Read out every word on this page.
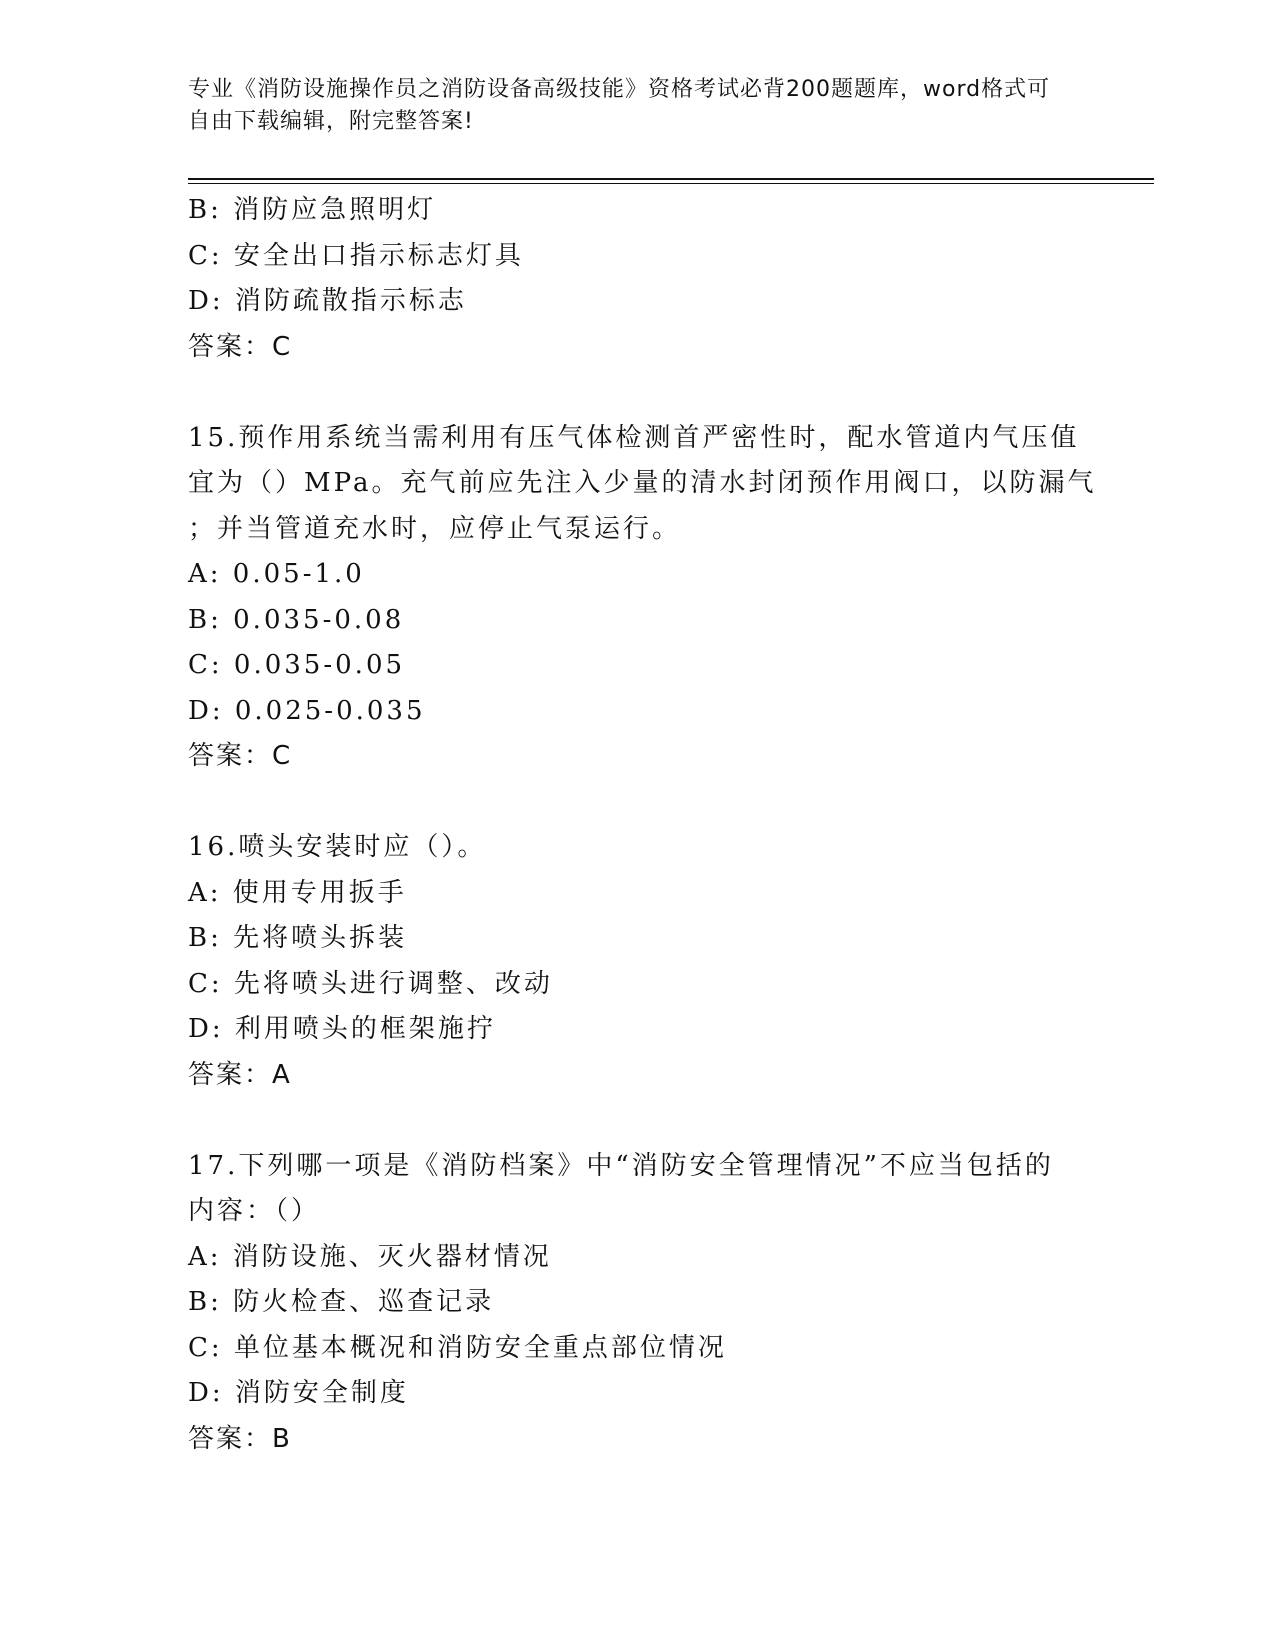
专业《消防设施操作员之消防设备高级技能》资格考试必背200题题库，word格式可自由下载编辑，附完整答案!
B: 消防应急照明灯
C: 安全出口指示标志灯具
D: 消防疏散指示标志
答案：C
15.预作用系统当需利用有压气体检测首严密性时，配水管道内气压值
宜为（）MPa。充气前应先注入少量的清水封闭预作用阀口，以防漏气
；并当管道充水时，应停止气泵运行。
A: 0.05-1.0
B: 0.035-0.08
C: 0.035-0.05
D: 0.025-0.035
答案：C
16.喷头安装时应（）。
A: 使用专用扳手
B: 先将喷头拆装
C: 先将喷头进行调整、改动
D: 利用喷头的框架施拧
答案：A
17.下列哪一项是《消防档案》中“消防安全管理情况”不应当包括的
内容：（）
A: 消防设施、灭火器材情况
B: 防火检查、巡查记录
C: 单位基本概况和消防安全重点部位情况
D: 消防安全制度
答案：B
